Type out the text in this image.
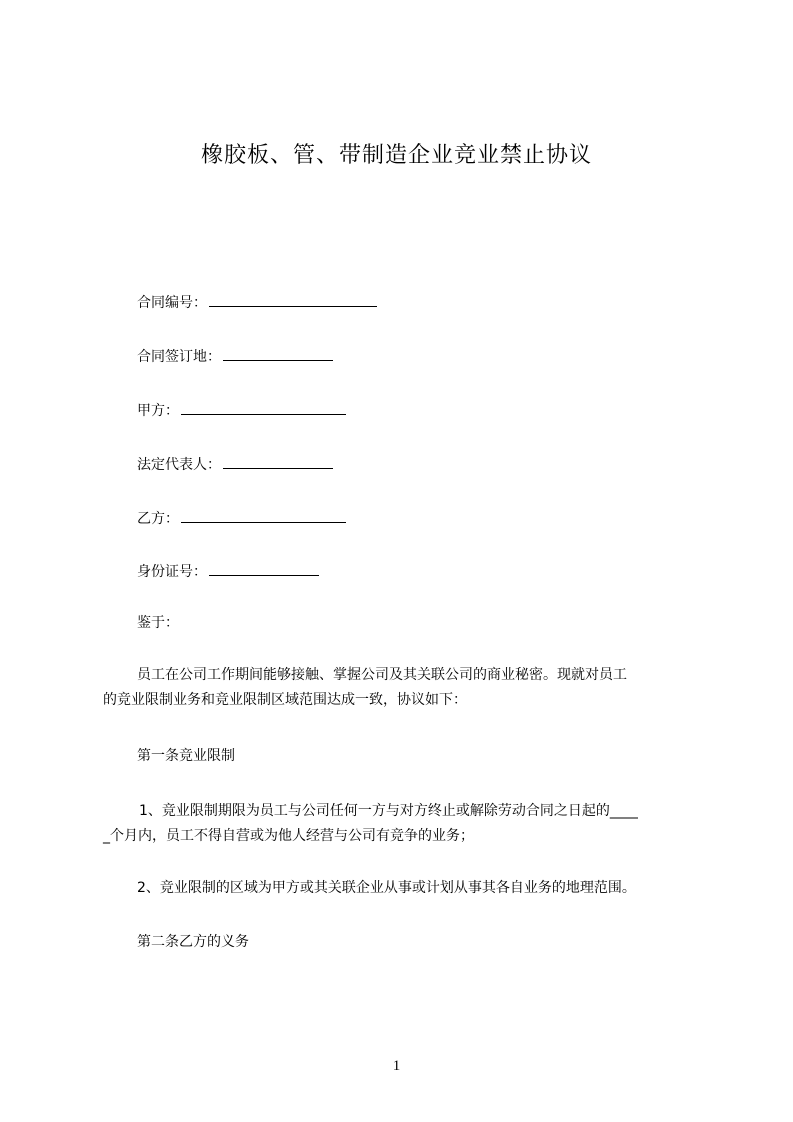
橡胶板、管、带制造企业竞业禁止协议
合同编号：
合同签订地：
甲方：
法定代表人：
乙方：
身份证号：
鉴于：
员工在公司工作期间能够接触、掌握公司及其关联公司的商业秘密。现就对员工
的竞业限制业务和竞业限制区域范围达成一致，协议如下：
第一条竞业限制
1、竞业限制期限为员工与公司任何一方与对方终止或解除劳动合同之日起的____
_个月内，员工不得自营或为他人经营与公司有竞争的业务；
2、竞业限制的区域为甲方或其关联企业从事或计划从事其各自业务的地理范围。
第二条乙方的义务
1
